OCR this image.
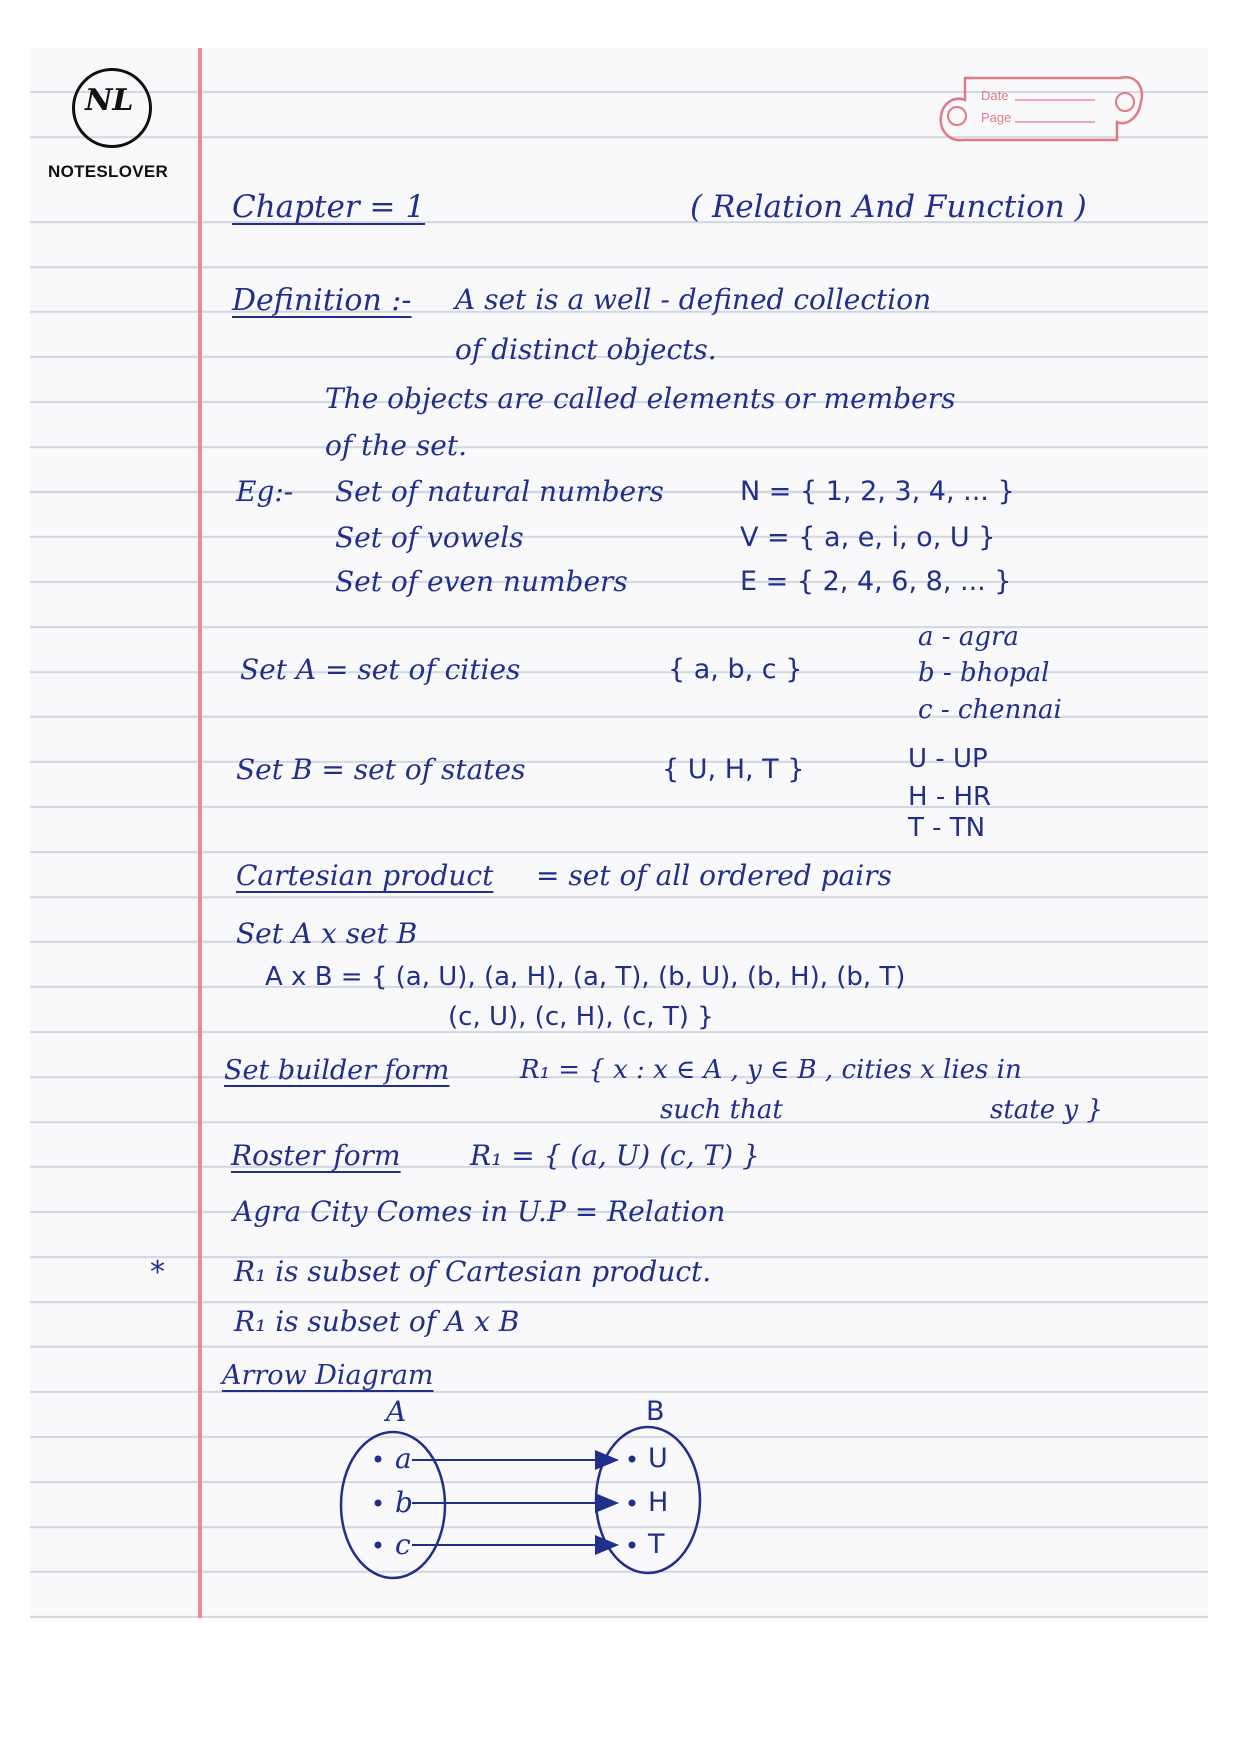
NL
NOTESLOVER
Date
Page
Chapter = 1	( Relation And Function )
Definition :- A set is a well - defined collection
of distinct objects.
The objects are called elements or members
of the set.
Eg:- Set of natural numbers	N = { 1, 2, 3, 4, ... }
Set of vowels	V = { a, e, i, o, U }
Set of even numbers	E = { 2, 4, 6, 8, ... }
Set A = set of cities	{ a, b, c }
a - agra
b - bhopal
c - chennai
Set B = set of states	{ U, H, T }	U - UP
H - HR
T - TN
Cartesian product = set of all ordered pairs
Set A x set B
A x B = { (a, U), (a, H), (a, T), (b, U), (b, H), (b, T)
(c, U), (c, H), (c, T) }
Set builder form	R₁ = { x : x ∈ A , y ∈ B , cities x lies in
such that	state y }
Roster form R₁ = { (a, U) (c, T) }
Agra City Comes in U.P = Relation
* R₁ is subset of Cartesian product.
R₁ is subset of A x B
Arrow Diagram
A	B
a
b
c
U
H
T
